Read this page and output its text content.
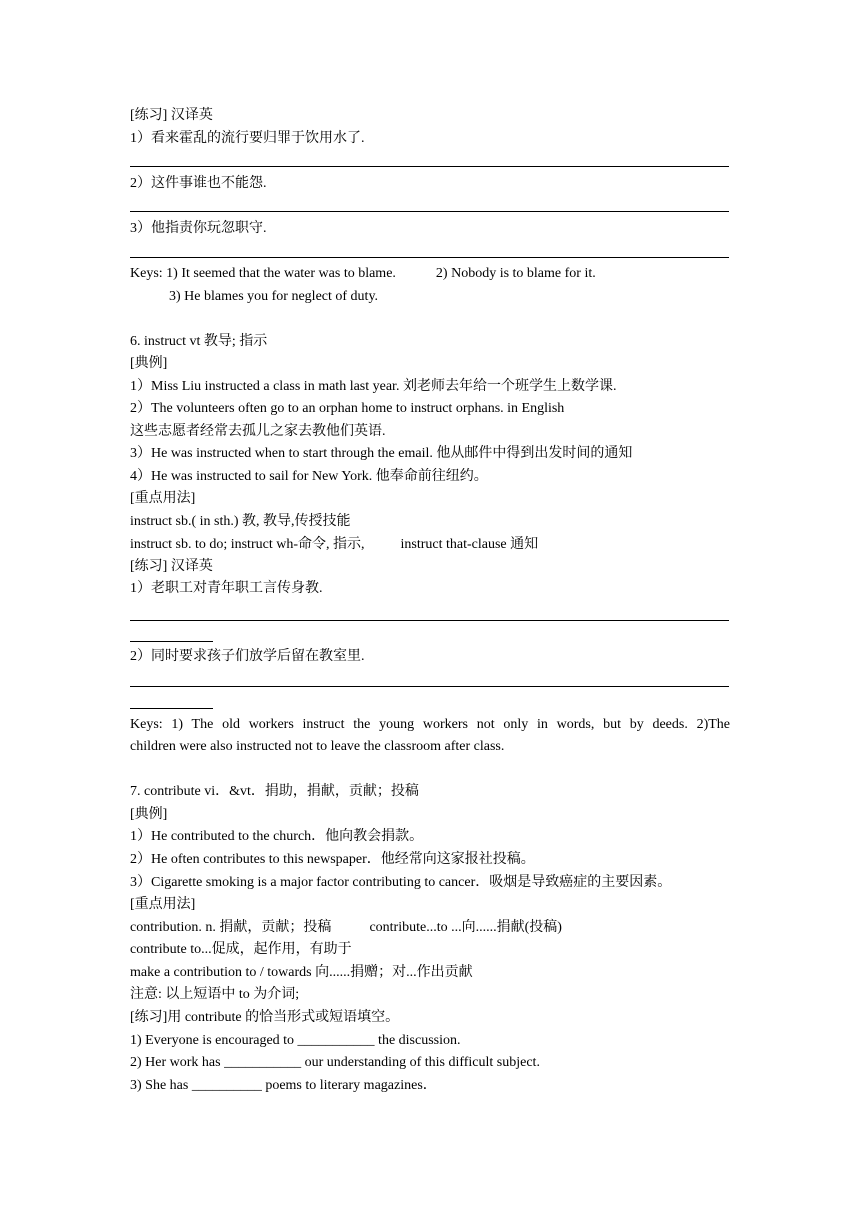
[练习] 汉译英
1）看来霍乱的流行要归罪于饮用水了.
2）这件事谁也不能怨.
3）他指责你玩忽职守.
Keys: 1) It seemed that the water was to blame.	2) Nobody is to blame for it.
3) He blames you for neglect of duty.
6. instruct vt 教导; 指示
[典例]
1）Miss Liu instructed a class in math last year. 刘老师去年给一个班学生上数学课.
2）The volunteers often go to an orphan home to instruct orphans. in English
这些志愿者经常去孤儿之家去教他们英语.
3）He was instructed when to start through the email. 他从邮件中得到出发时间的通知
4）He was instructed to sail for New York. 他奉命前往纽约。
[重点用法]
instruct sb.( in sth.) 教, 教导,传授技能
instruct sb. to do; instruct wh-命令, 指示,	instruct that-clause 通知
[练习] 汉译英
1）老职工对青年职工言传身教.
2）同时要求孩子们放学后留在教室里.
Keys: 1) The old workers instruct the young workers not only in words, but by deeds. 2)The
children were also instructed not to leave the classroom after class.
7. contribute vi．&vt．捐助，捐献，贡献；投稿
[典例]
1）He contributed to the church．他向教会捐款。
2）He often contributes to this newspaper．他经常向这家报社投稿。
3）Cigarette smoking is a major factor contributing to cancer．吸烟是导致癌症的主要因素。
[重点用法]
contribution. n. 捐献，贡献；投稿	contribute...to ...向......捐献(投稿)
contribute to...促成，起作用，有助于
make a contribution to / towards 向......捐赠；对...作出贡献
注意: 以上短语中 to 为介词;
[练习]用 contribute 的恰当形式或短语填空。
1) Everyone is encouraged to ___________ the discussion.
2) Her work has ___________ our understanding of this difficult subject.
3) She has __________ poems to literary magazines．
